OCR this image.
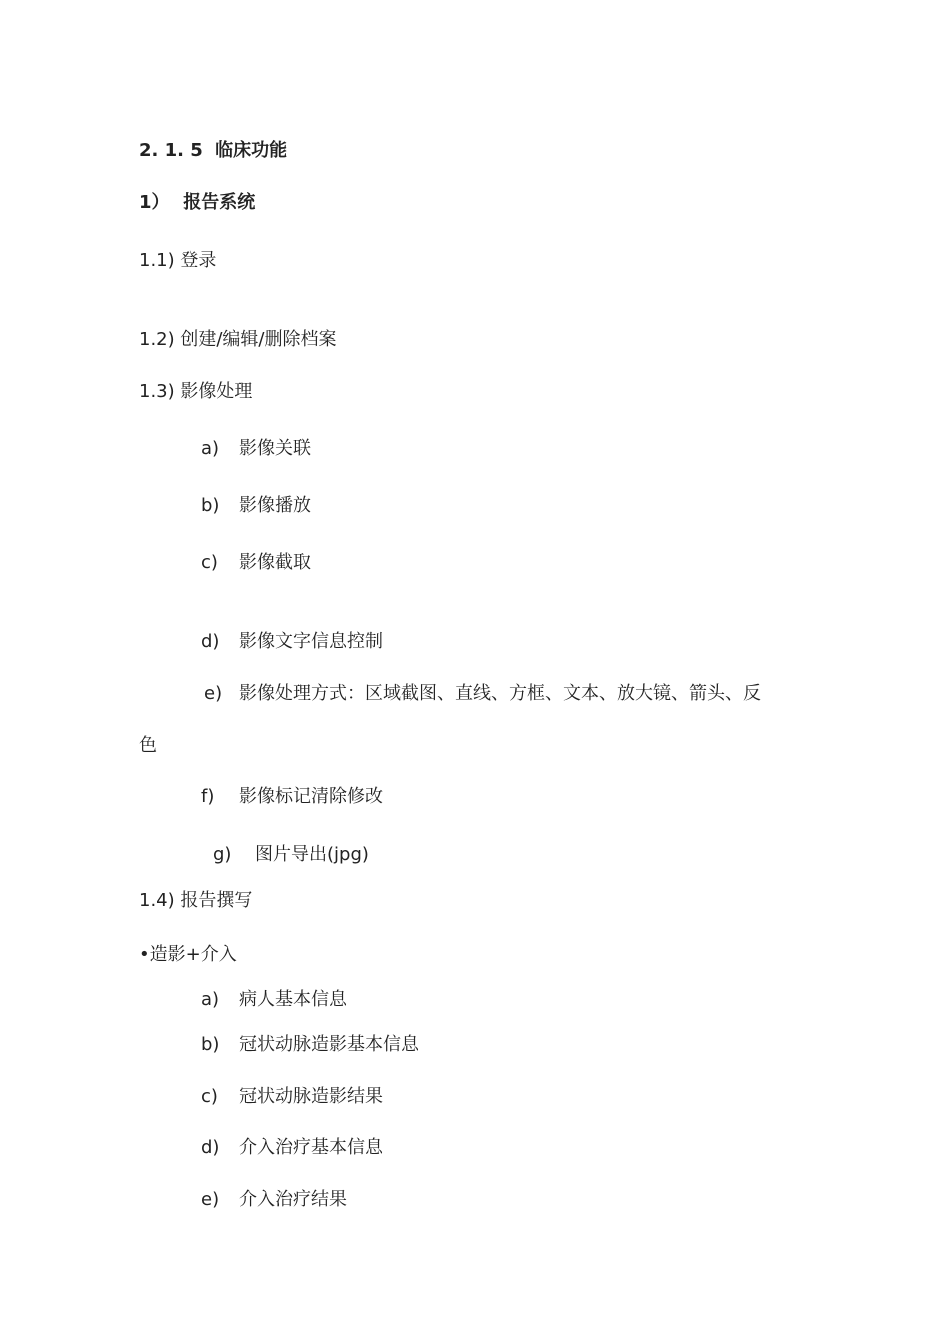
2. 1. 5 临床功能
1） 报告系统
1.1) 登录
1.2) 创建/编辑/删除档案
1.3) 影像处理
a) 影像关联
b) 影像播放
c) 影像截取
d) 影像文字信息控制
e) 影像处理方式：区域截图、直线、方框、文本、放大镜、箭头、反
色
f) 影像标记清除修改
g) 图片导出(jpg)
1.4) 报告撰写
•造影+介入
a) 病人基本信息
b) 冠状动脉造影基本信息
c) 冠状动脉造影结果
d) 介入治疗基本信息
e) 介入治疗结果
